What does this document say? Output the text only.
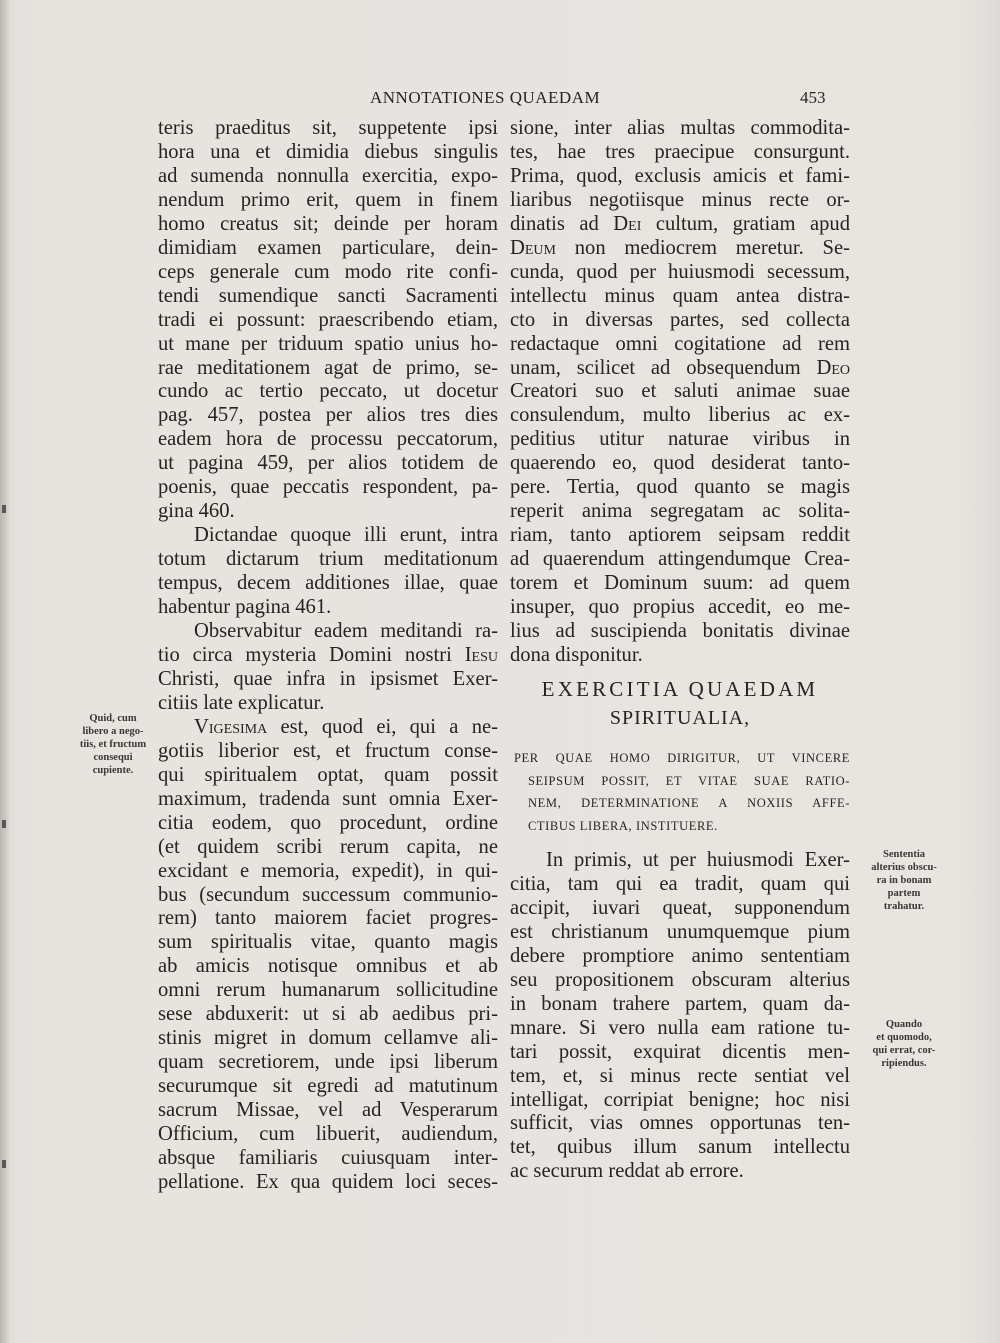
ANNOTATIONES QUAEDAM	453

teris praeditus sit, suppetente ipsi

hora una et dimidia diebus singulis

ad sumenda nonnulla exercitia, expo-

nendum primo erit, quem in finem

homo creatus sit; deinde per horam

dimidiam examen particulare, dein-

ceps generale cum modo rite confi-

tendi sumendique sancti Sacramenti

tradi ei possunt: praescribendo etiam,

ut mane per triduum spatio unius ho-

rae meditationem agat de primo, se-

cundo ac tertio peccato, ut docetur

pag. 457, postea per alios tres dies

eadem hora de processu peccatorum,

ut pagina 459, per alios totidem de

poenis, quae peccatis respondent, pa-

gina 460.

Dictandae quoque illi erunt, intra

totum dictarum trium meditationum

tempus, decem additiones illae, quae

habentur pagina 461.

Observabitur eadem meditandi ra-

tio circa mysteria Domini nostri Iesu

Christi, quae infra in ipsismet Exer-

citiis late explicatur.

Vigesima est, quod ei, qui a ne-

gotiis liberior est, et fructum conse-

qui spiritualem optat, quam possit

maximum, tradenda sunt omnia Exer-

citia eodem, quo procedunt, ordine

(et quidem scribi rerum capita, ne

excidant e memoria, expedit), in qui-

bus (secundum successum communio-

rem) tanto maiorem faciet progres-

sum spiritualis vitae, quanto magis

ab amicis notisque omnibus et ab

omni rerum humanarum sollicitudine

sese abduxerit: ut si ab aedibus pri-

stinis migret in domum cellamve ali-

quam secretiorem, unde ipsi liberum

securumque sit egredi ad matutinum

sacrum Missae, vel ad Vesperarum

Officium, cum libuerit, audiendum,

absque familiaris cuiusquam inter-

pellatione. Ex qua quidem loci seces-

sione, inter alias multas commodita-

tes, hae tres praecipue consurgunt.

Prima, quod, exclusis amicis et fami-

liaribus negotiisque minus recte or-

dinatis ad Dei cultum, gratiam apud

Deum non mediocrem meretur. Se-

cunda, quod per huiusmodi secessum,

intellectu minus quam antea distra-

cto in diversas partes, sed collecta

redactaque omni cogitatione ad rem

unam, scilicet ad obsequendum Deo

Creatori suo et saluti animae suae

consulendum, multo liberius ac ex-

peditius utitur naturae viribus in

quaerendo eo, quod desiderat tanto-

pere. Tertia, quod quanto se magis

reperit anima segregatam ac solita-

riam, tanto aptiorem seipsam reddit

ad quaerendum attingendumque Crea-

torem et Dominum suum: ad quem

insuper, quo propius accedit, eo me-

lius ad suscipienda bonitatis divinae

dona disponitur.

EXERCITIA QUAEDAM
SPIRITUALIA,

PER QUAE HOMO DIRIGITUR, UT VINCERE

SEIPSUM POSSIT, ET VITAE SUAE RATIO-

NEM, DETERMINATIONE A NOXIIS AFFE-

CTIBUS LIBERA, INSTITUERE.

In primis, ut per huiusmodi Exer-

citia, tam qui ea tradit, quam qui

accipit, iuvari queat, supponendum

est christianum unumquemque pium

debere promptiore animo sententiam

seu propositionem obscuram alterius

in bonam trahere partem, quam da-

mnare. Si vero nulla eam ratione tu-

tari possit, exquirat dicentis men-

tem, et, si minus recte sentiat vel

intelligat, corripiat benigne; hoc nisi

sufficit, vias omnes opportunas ten-

tet, quibus illum sanum intellectu

ac securum reddat ab errore.

Quid, cum

libero a nego-

tiis, et fructum

consequi

cupiente.

Sententia

alterius obscu-

ra in bonam

partem

trahatur.

Quando

et quomodo,

qui errat, cor-

ripiendus.
